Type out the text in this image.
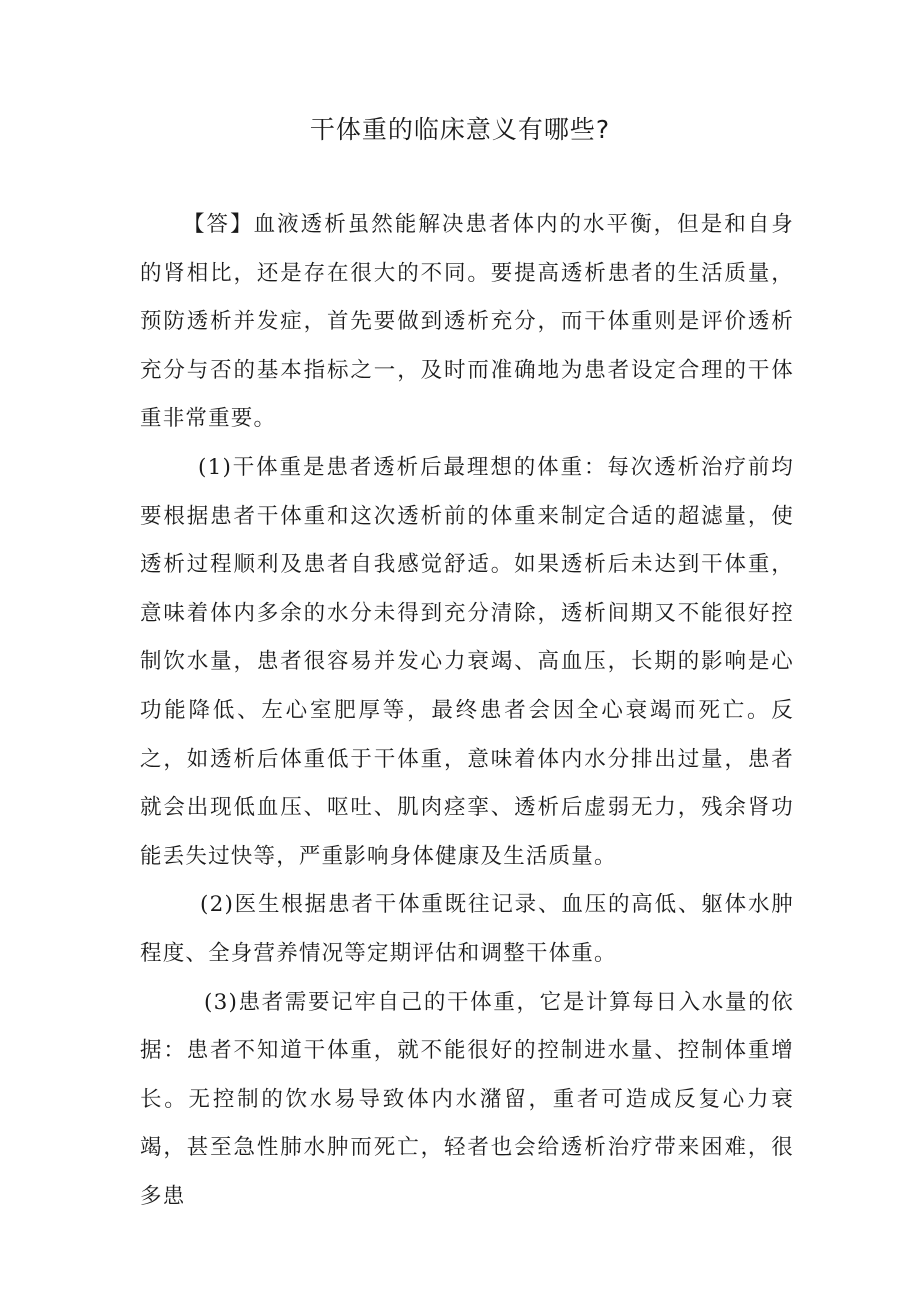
干体重的临床意义有哪些?

【答】血液透析虽然能解决患者体内的水平衡，但是和自身的肾相比，还是存在很大的不同。要提高透析患者的生活质量，预防透析并发症，首先要做到透析充分，而干体重则是评价透析充分与否的基本指标之一，及时而准确地为患者设定合理的干体重非常重要。

(1)干体重是患者透析后最理想的体重：每次透析治疗前均要根据患者干体重和这次透析前的体重来制定合适的超滤量，使透析过程顺利及患者自我感觉舒适。如果透析后未达到干体重，意味着体内多余的水分未得到充分清除，透析间期又不能很好控制饮水量，患者很容易并发心力衰竭、高血压，长期的影响是心功能降低、左心室肥厚等，最终患者会因全心衰竭而死亡。反之，如透析后体重低于干体重，意味着体内水分排出过量，患者就会出现低血压、呕吐、肌肉痉挛、透析后虚弱无力，残余肾功能丢失过快等，严重影响身体健康及生活质量。

(2)医生根据患者干体重既往记录、血压的高低、躯体水肿程度、全身营养情况等定期评估和调整干体重。

(3)患者需要记牢自己的干体重，它是计算每日入水量的依据：患者不知道干体重，就不能很好的控制进水量、控制体重增长。无控制的饮水易导致体内水潴留，重者可造成反复心力衰竭，甚至急性肺水肿而死亡，轻者也会给透析治疗带来困难，很多患
